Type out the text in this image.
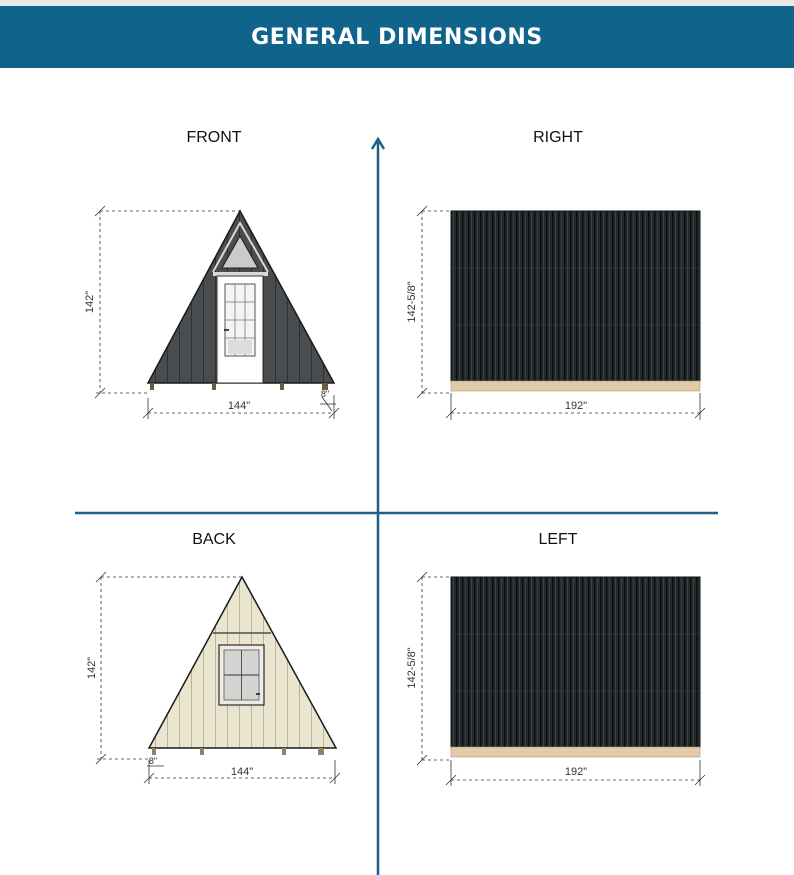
GENERAL DIMENSIONS
FRONT	RIGHT
BACK	LEFT
142"
144"
8"
142-5/8"
192"
142"
144"
8"
142-5/8"
192"
